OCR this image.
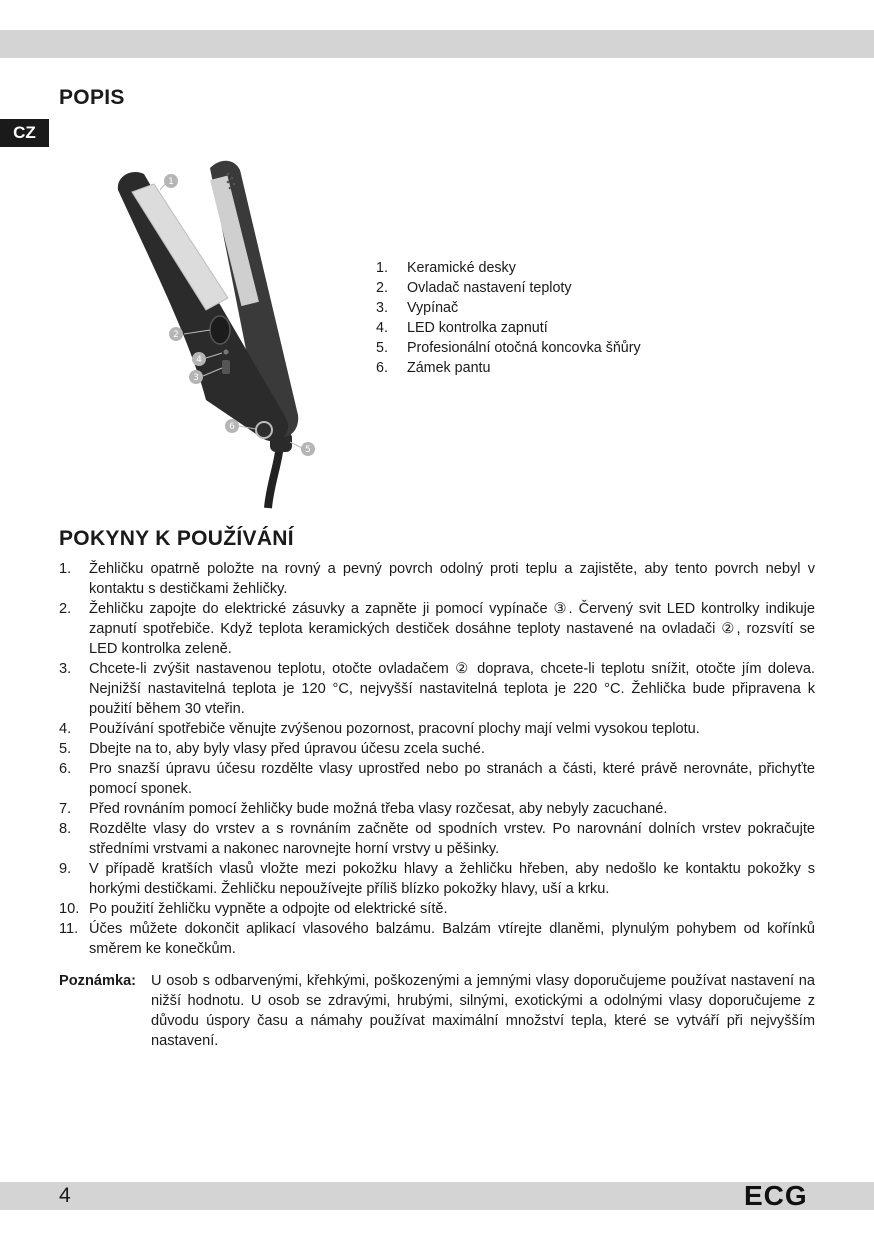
POPIS
CZ
1
2
3
4
5
6
1.	Keramické desky
2.	Ovladač nastavení teploty
3.	Vypínač
4.	LED kontrolka zapnutí
5.	Profesionální otočná koncovka šňůry
6.	Zámek pantu
POKYNY K POUŽÍVÁNÍ
1.	Žehličku opatrně položte na rovný a pevný povrch odolný proti teplu a zajistěte, aby tento povrch nebyl v kontaktu s destičkami žehličky.
2.	Žehličku zapojte do elektrické zásuvky a zapněte ji pomocí vypínače ③. Červený svit LED kontrolky indikuje zapnutí spotřebiče. Když teplota keramických destiček dosáhne teploty nastavené na ovladači ②, rozsvítí se LED kontrolka zeleně.
3.	Chcete-li zvýšit nastavenou teplotu, otočte ovladačem ② doprava, chcete-li teplotu snížit, otočte jím doleva. Nejnižší nastavitelná teplota je 120 °C, nejvyšší nastavitelná teplota je 220 °C. Žehlička bude připravena k použití během 30 vteřin.
4.	Používání spotřebiče věnujte zvýšenou pozornost, pracovní plochy mají velmi vysokou teplotu.
5.	Dbejte na to, aby byly vlasy před úpravou účesu zcela suché.
6.	Pro snazší úpravu účesu rozdělte vlasy uprostřed nebo po stranách a části, které právě nerovnáte, přichyťte pomocí sponek.
7.	Před rovnáním pomocí žehličky bude možná třeba vlasy rozčesat, aby nebyly zacuchané.
8.	Rozdělte vlasy do vrstev a s rovnáním začněte od spodních vrstev. Po narovnání dolních vrstev pokračujte středními vrstvami a nakonec narovnejte horní vrstvy u pěšinky.
9.	V případě kratších vlasů vložte mezi pokožku hlavy a žehličku hřeben, aby nedošlo ke kontaktu pokožky s horkými destičkami. Žehličku nepoužívejte příliš blízko pokožky hlavy, uší a krku.
10. Po použití žehličku vypněte a odpojte od elektrické sítě.
11. Účes můžete dokončit aplikací vlasového balzámu. Balzám vtírejte dlaněmi, plynulým pohybem od kořínků směrem ke konečkům.
Poznámka:	U osob s odbarvenými, křehkými, poškozenými a jemnými vlasy doporučujeme používat nastavení na nižší hodnotu. U osob se zdravými, hrubými, silnými, exotickými a odolnými vlasy doporučujeme z důvodu úspory času a námahy používat maximální množství tepla, které se vytváří při nejvyšším nastavení.
4	ECG
